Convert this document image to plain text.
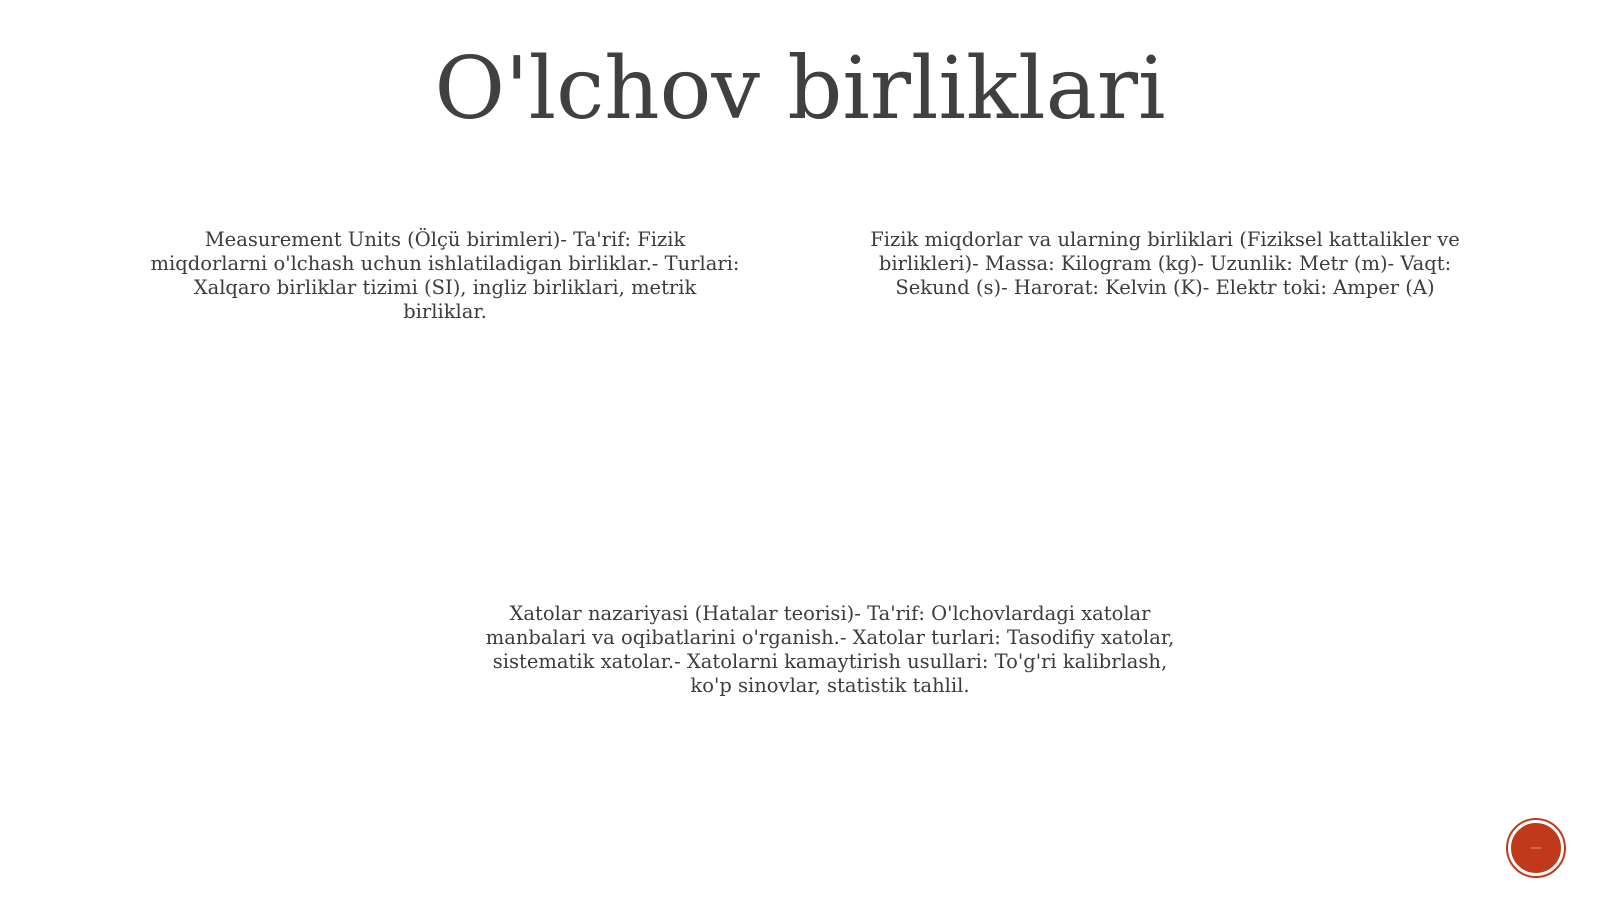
O'lchov birliklari

Measurement Units (Ölçü birimleri)- Ta'rif: Fizik miqdorlarni o'lchash uchun ishlatiladigan birliklar.- Turlari: Xalqaro birliklar tizimi (SI), ingliz birliklari, metrik birliklar.

Fizik miqdorlar va ularning birliklari (Fiziksel kattalikler ve birlikleri)- Massa: Kilogram (kg)- Uzunlik: Metr (m)- Vaqt: Sekund (s)- Harorat: Kelvin (K)- Elektr toki: Amper (A)

Xatolar nazariyasi (Hatalar teorisi)- Ta'rif: O'lchovlardagi xatolar manbalari va oqibatlarini o'rganish.- Xatolar turlari: Tasodifiy xatolar, sistematik xatolar.- Xatolarni kamaytirish usullari: To'g'ri kalibrlash, ko'p sinovlar, statistik tahlil.
